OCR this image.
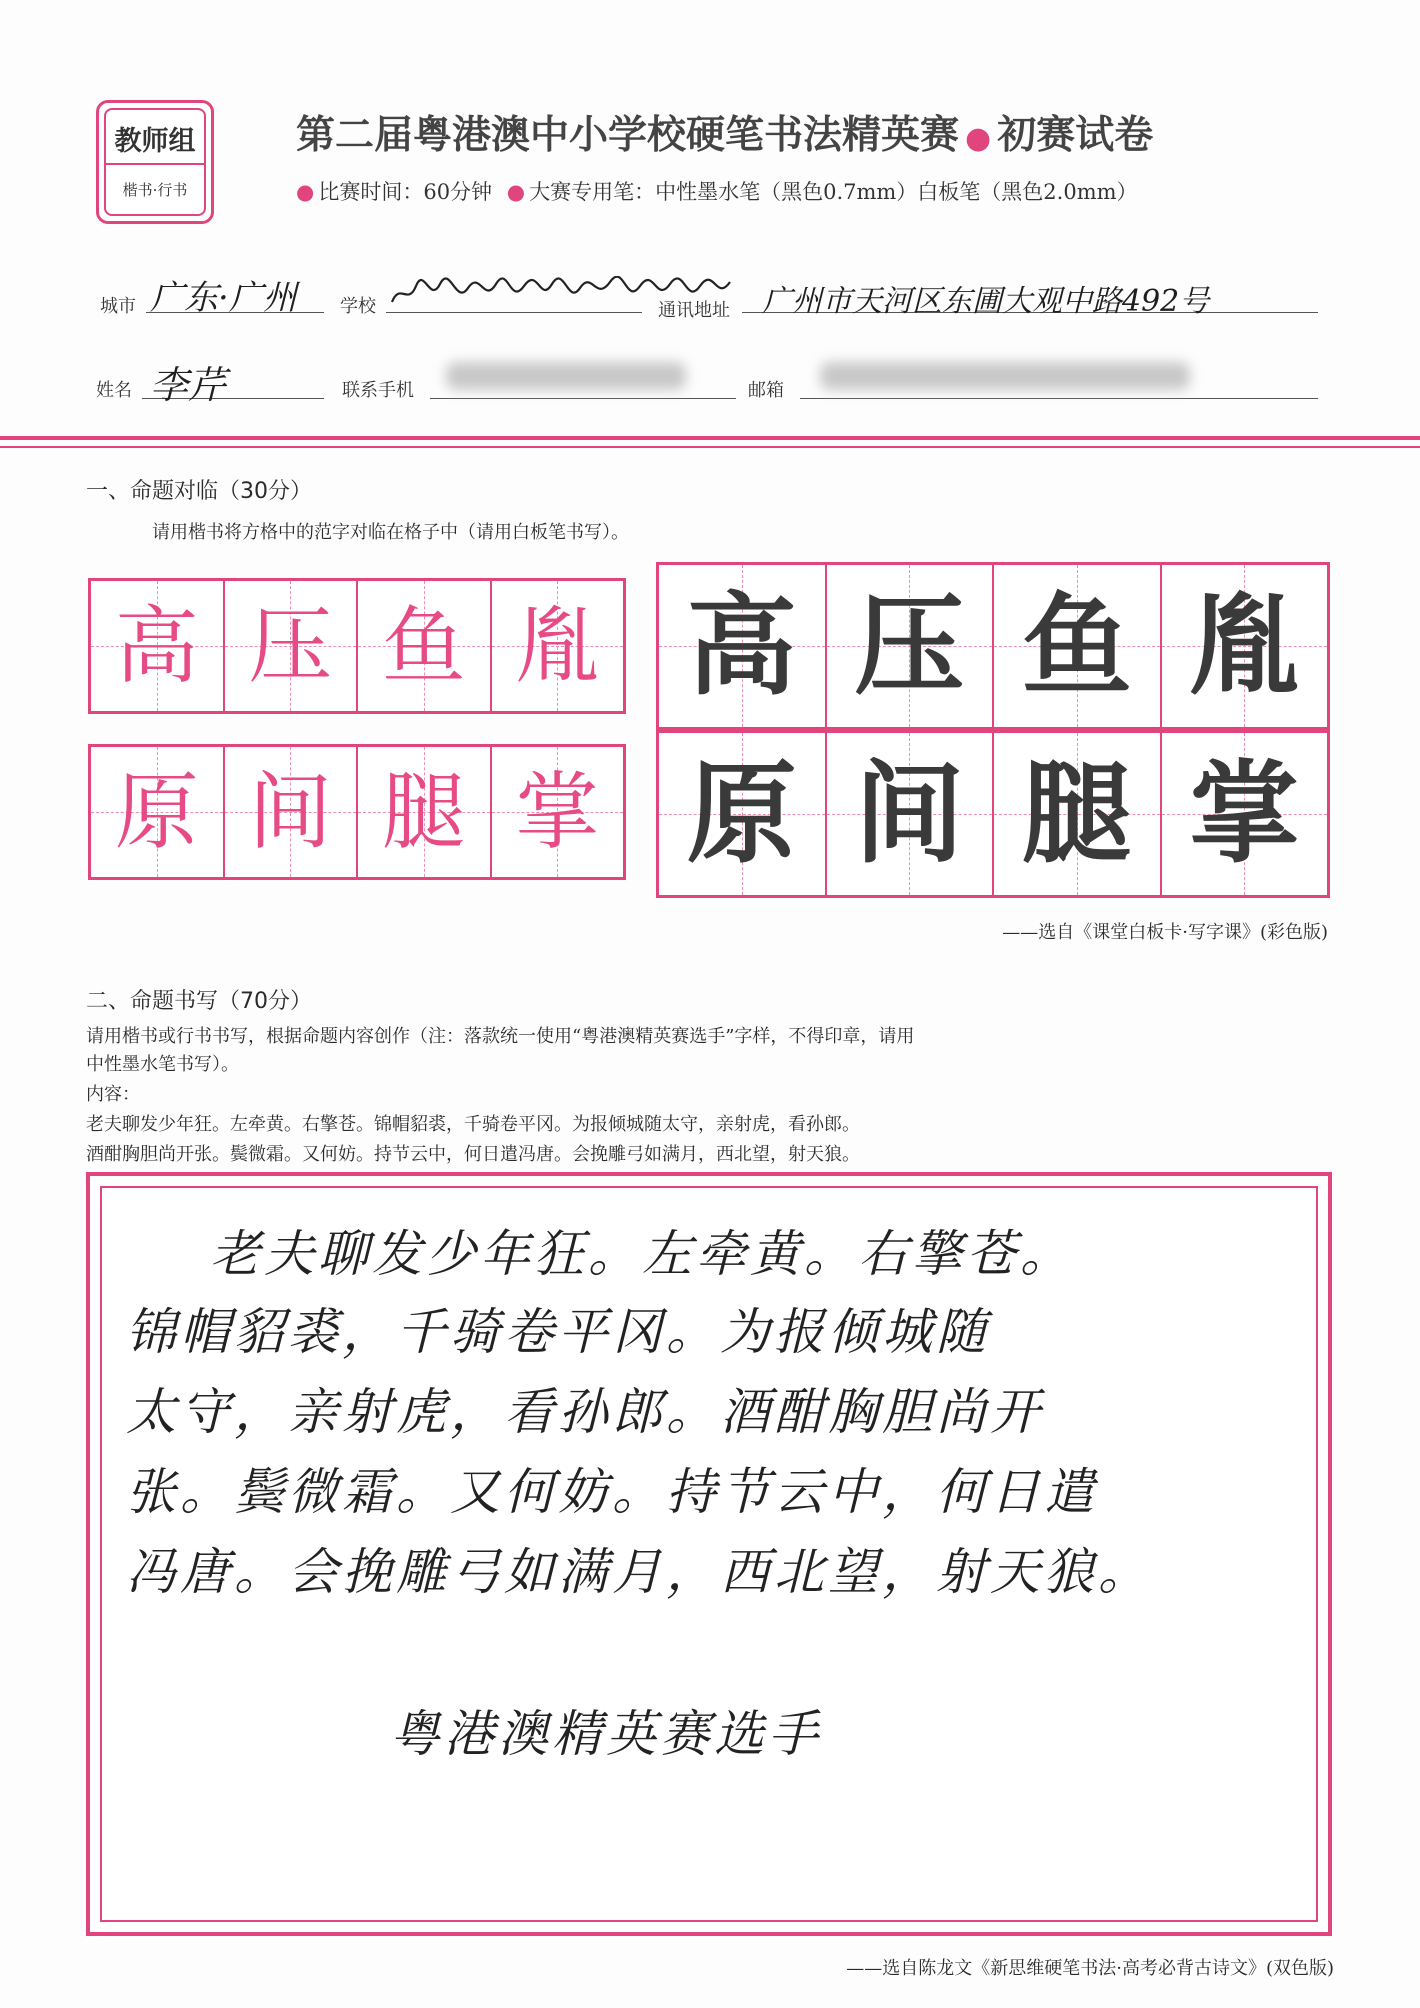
教师组
楷书·行书
第二届粤港澳中小学校硬笔书法精英赛 ● 初赛试卷
● 比赛时间：60分钟 ● 大赛专用笔：中性墨水笔（黑色0.7mm）白板笔（黑色2.0mm）
城市 广东·广州 学校	通讯地址 广州市天河区东圃大观中路492号
姓名 李芹	联系手机	邮箱
一、命题对临（30分）
请用楷书将方格中的范字对临在格子中（请用白板笔书写）。
高 压 鱼 胤
原 间 腿 掌
高 压 鱼 胤
原 间 腿 掌
——选自《课堂白板卡·写字课》(彩色版)
二、命题书写（70分）
请用楷书或行书书写，根据命题内容创作（注：落款统一使用“粤港澳精英赛选手”字样，不得印章，请用
中性墨水笔书写）。
内容：
老夫聊发少年狂。左牵黄。右擎苍。锦帽貂裘，千骑卷平冈。为报倾城随太守，亲射虎，看孙郎。
酒酣胸胆尚开张。鬓微霜。又何妨。持节云中，何日遣冯唐。会挽雕弓如满月，西北望，射天狼。
老夫聊发少年狂。左牵黄。右擎苍。
锦帽貂裘，千骑卷平冈。为报倾城随
太守，亲射虎，看孙郎。酒酣胸胆尚开
张。鬓微霜。又何妨。持节云中，何日遣
冯唐。会挽雕弓如满月，西北望，射天狼。
粤港澳精英赛选手
——选自陈龙文《新思维硬笔书法·高考必背古诗文》(双色版)
